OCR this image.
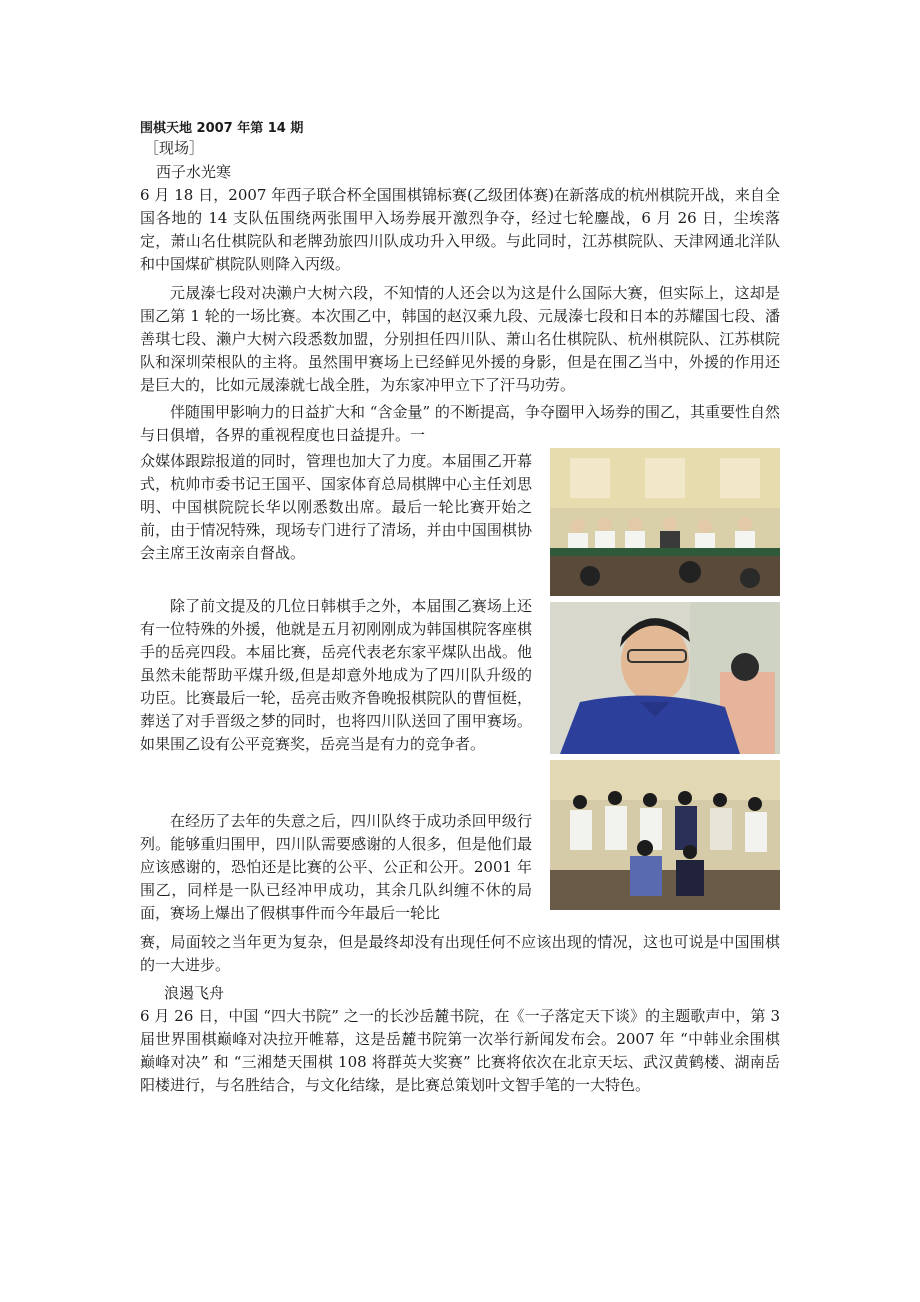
围棋天地 2007 年第 14 期
［现场］
西子水光寒

6 月 18 日，2007 年西子联合杯全国围棋锦标赛(乙级团体赛)在新落成的杭州棋院开战，来自全国各地的 14 支队伍围绕两张围甲入场券展开激烈争夺，经过七轮鏖战，6 月 26 日，尘埃落定，萧山名仕棋院队和老牌劲旅四川队成功升入甲级。与此同时，江苏棋院队、天津网通北洋队和中国煤矿棋院队则降入丙级。

元晟溱七段对决濑户大树六段，不知情的人还会以为这是什么国际大赛，但实际上，这却是围乙第 1 轮的一场比赛。本次围乙中，韩国的赵汉乘九段、元晟溱七段和日本的苏耀国七段、潘善琪七段、濑户大树六段悉数加盟，分别担任四川队、萧山名仕棋院队、杭州棋院队、江苏棋院队和深圳荣根队的主将。虽然围甲赛场上已经鲜见外援的身影，但是在围乙当中，外援的作用还是巨大的，比如元晟溱就七战全胜，为东家冲甲立下了汗马功劳。

伴随围甲影响力的日益扩大和 “含金量” 的不断提高，争夺圈甲入场券的围乙，其重要性自然与日俱增，各界的重视程度也日益提升。一

众媒体跟踪报道的同时，管理也加大了力度。本届围乙开幕式，杭帅市委书记王国平、国家体育总局棋牌中心主任刘思明、中国棋院院长华以刚悉数出席。最后一轮比赛开始之前，由于情况特殊，现场专门进行了清场，并由中国围棋协会主席王汝南亲自督战。

除了前文提及的几位日韩棋手之外，本届围乙赛场上还有一位特殊的外援，他就是五月初刚刚成为韩国棋院客座棋手的岳亮四段。本届比赛，岳亮代表老东家平煤队出战。他虽然未能帮助平煤升级,但是却意外地成为了四川队升级的功臣。比赛最后一轮，岳亮击败齐鲁晚报棋院队的曹恒梃，葬送了对手晋级之梦的同时，也将四川队送回了围甲赛场。如果围乙设有公平竞赛奖，岳亮当是有力的竞争者。

在经历了去年的失意之后，四川队终于成功杀回甲级行列。能够重归围甲，四川队需要感谢的人很多，但是他们最应该感谢的，恐怕还是比赛的公平、公正和公开。2001 年围乙，同样是一队已经冲甲成功，其余几队纠缠不休的局面，赛场上爆出了假棋事件而今年最后一轮比

赛，局面较之当年更为复杂，但是最终却没有出现任何不应该出现的情况，这也可说是中国围棋的一大进步。

浪遏飞舟

6 月 26 日，中国 “四大书院” 之一的长沙岳麓书院，在《一子落定天下谈》的主题歌声中，第 3 届世界围棋巅峰对决拉开帷幕，这是岳麓书院第一次举行新闻发布会。2007 年 “中韩业余围棋巅峰对决” 和 “三湘楚天围棋 108 将群英大奖赛” 比赛将依次在北京天坛、武汉黄鹤楼、湖南岳阳楼进行，与名胜结合，与文化结缘，是比赛总策划叶文智手笔的一大特色。
